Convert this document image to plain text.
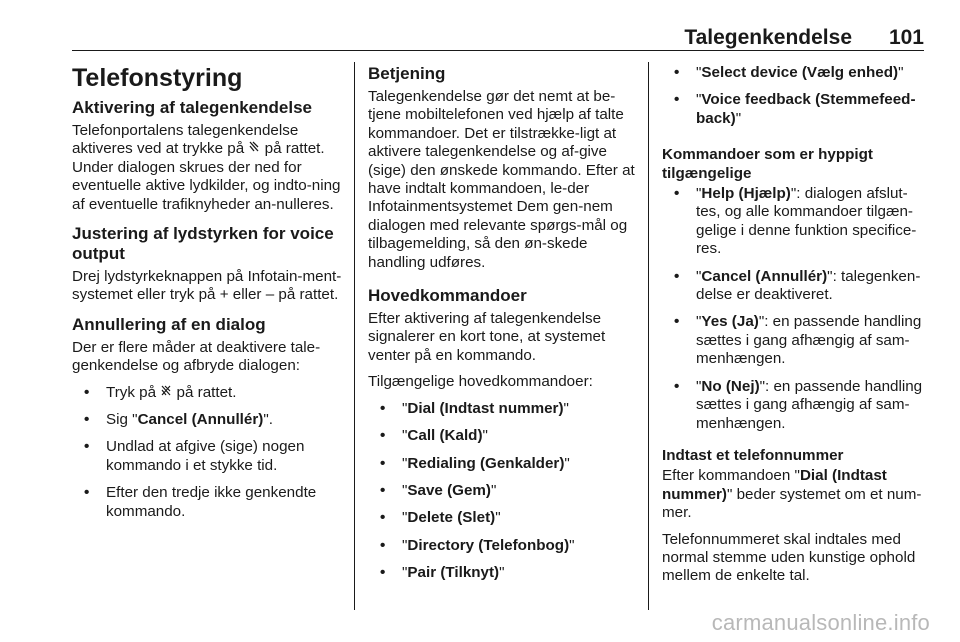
Talegenkendelse 101
Telefonstyring
Aktivering af talegenkendelse

Telefonportalens talegenkendelse aktiveres ved at trykke på på rattet. Under dialogen skrues der ned for eventuelle aktive lydkilder, og indto-ning af eventuelle trafiknyheder an-nulleres.

Justering af lydstyrken for voice output

Drej lydstyrkeknappen på Infotain-ment-systemet eller tryk på + eller – på rattet.

Annullering af en dialog

Der er flere måder at deaktivere tale-genkendelse og afbryde dialogen:

• Tryk på på rattet.
• Sig "Cancel (Annullér)".
• Undlad at afgive (sige) nogen kommando i et stykke tid.
• Efter den tredje ikke genkendte kommando.
Betjening

Talegenkendelse gør det nemt at be-tjene mobiltelefonen ved hjælp af talte kommandoer. Det er tilstrække-ligt at aktivere talegenkendelse og af-give (sige) den ønskede kommando. Efter at have indtalt kommandoen, le-der Infotainmentsystemet Dem gen-nem dialogen med relevante spørgs-mål og tilbagemelding, så den øn-skede handling udføres.

Hovedkommandoer

Efter aktivering af talegenkendelse signalerer en kort tone, at systemet venter på en kommando.

Tilgængelige hovedkommandoer:

• "Dial (Indtast nummer)"
• "Call (Kald)"
• "Redialing (Genkalder)"
• "Save (Gem)"
• "Delete (Slet)"
• "Directory (Telefonbog)"
• "Pair (Tilknyt)"
• "Select device (Vælg enhed)"
• "Voice feedback (Stemmefeed-back)"
Kommandoer som er hyppigt tilgængelige
• "Help (Hjælp)": dialogen afslut-tes, og alle kommandoer tilgæn-gelige i denne funktion specifice-res.
• "Cancel (Annullér)": talegenken-delse er deaktiveret.
• "Yes (Ja)": en passende handling sættes i gang afhængig af sam-menhængen.
• "No (Nej)": en passende handling sættes i gang afhængig af sam-menhængen.
Indtast et telefonnummer

Efter kommandoen "Dial (Indtast nummer)" beder systemet om et num-mer.

Telefonnummeret skal indtales med normal stemme uden kunstige ophold mellem de enkelte tal.

carmanualsonline.info
